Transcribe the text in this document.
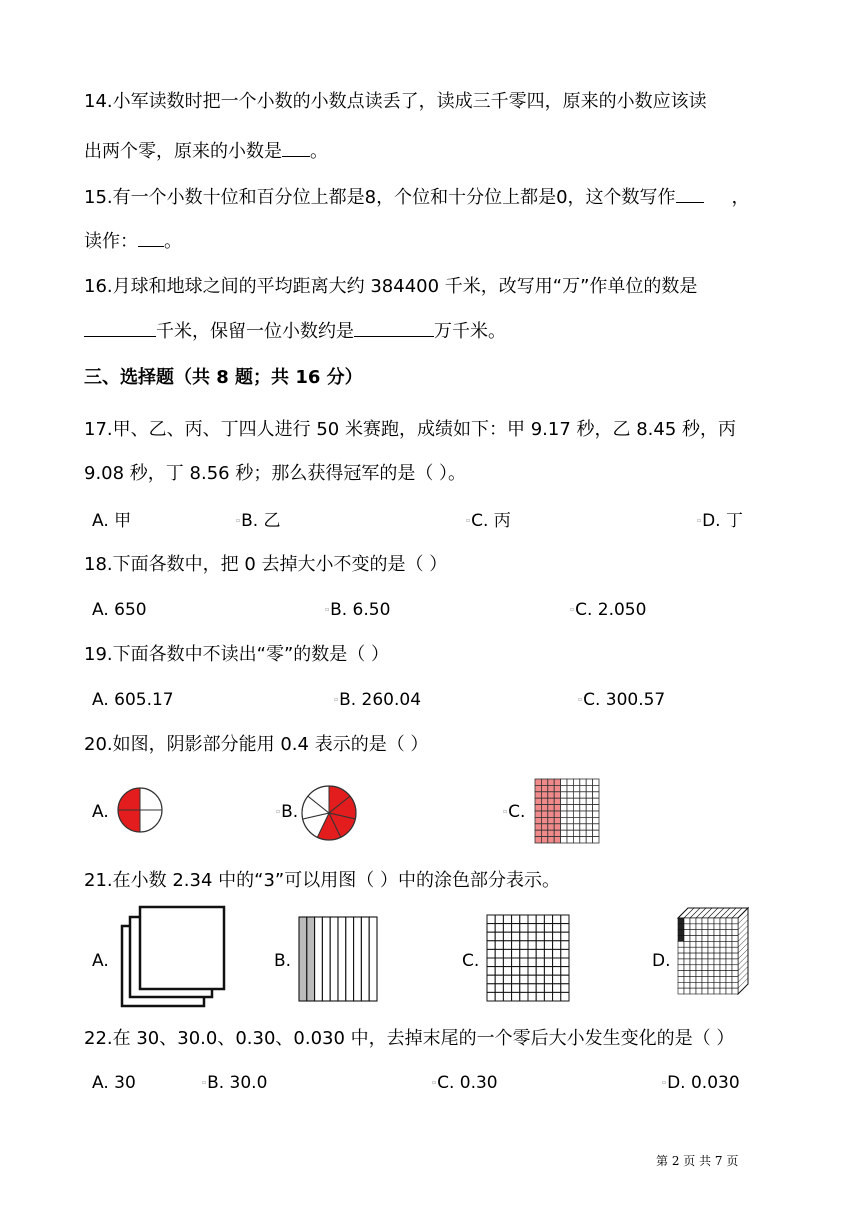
14.小军读数时把一个小数的小数点读丢了，读成三千零四，原来的小数应该读
出两个零，原来的小数是 。
15.有一个小数十位和百分位上都是8，个位和十分位上都是0，这个数写作	，
读作： 。
16.月球和地球之间的平均距离大约 384400 千米，改写用“万”作单位的数是
千米，保留一位小数约是	万千米。
三、选择题（共 8 题；共 16 分）
17.甲、乙、丙、丁四人进行 50 米赛跑，成绩如下：甲 9.17 秒，乙 8.45 秒，丙
9.08 秒，丁 8.56 秒；那么获得冠军的是（ ）。
A. 甲	▫B. 乙	▫C. 丙	▫D. 丁
18.下面各数中，把 0 去掉大小不变的是（ ）
A. 650	▫B. 6.50	▫C. 2.050
19.下面各数中不读出“零”的数是（ ）
A. 605.17	▫B. 260.04	▫C. 300.57
20.如图，阴影部分能用 0.4 表示的是（ ）
A.	▫B.	▫C.
21.在小数 2.34 中的“3”可以用图（ ）中的涂色部分表示。
A.	B.	C.	D.
22.在 30、30.0、0.30、0.030 中，去掉末尾的一个零后大小发生变化的是（ ）
A. 30	▫B. 30.0	▫C. 0.30	▫D. 0.030
第 2 页 共 7 页
